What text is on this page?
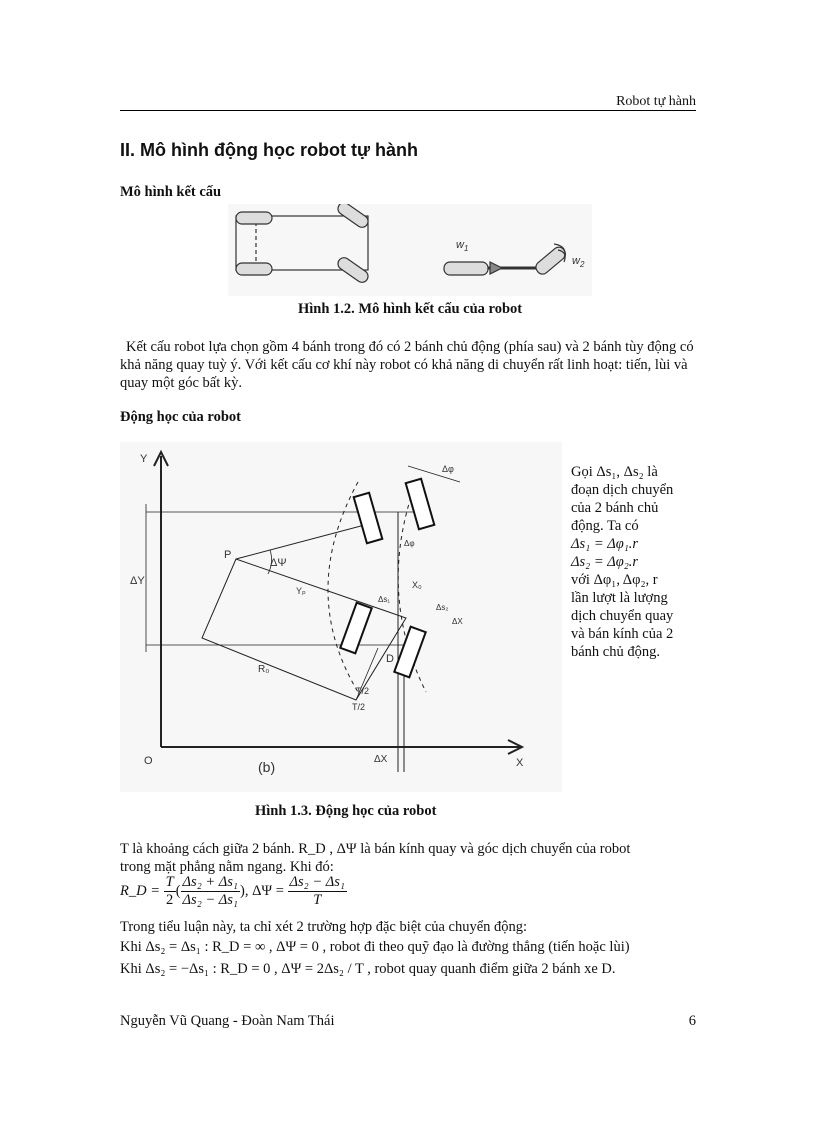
Robot tự hành
II. Mô hình động học robot tự hành
Mô hình kết cấu
$w_1$
$w_2$
Hình 1.2. Mô hình kết cấu của robot
Kết cấu robot lựa chọn gồm 4 bánh trong đó có 2 bánh chủ động (phía sau) và 2 bánh tùy động có khả năng quay tuỳ ý. Với kết cấu cơ khí này robot có khả năng di chuyển rất linh hoạt: tiến, lùi và quay một góc bất kỳ.
Động học của robot
Y
X
O	(b)
P
D
ΔΨ
ΔY
ΔX
Yₚ
X₀
R₀
T/2
T/2
Δφ
Δφ
Δs₁
Δs₂
ΔX
Gọi Δs₁, Δs₂ là
đoạn dịch chuyển
của 2 bánh chủ
động. Ta có
Δs₁ = Δφ₁.r
Δs₂ = Δφ₂.r
với Δφ₁, Δφ₂, r
lần lượt là lượng
dịch chuyển quay
và bán kính của 2
bánh chủ động.
Hình 1.3. Động học của robot
T là khoảng cách giữa 2 bánh. R_D , ΔΨ là bán kính quay và góc dịch chuyển của robot
trong mặt phẳng nằm ngang. Khi đó:
R_D = $\frac{T}{2}$ ( $\frac{\text{Δs₂ + Δs₁}}{\text{Δs₂ − Δs₁}}$ ), $\Delta\Psi = \frac{\text{Δs₂ − Δs₁}}{T}$
Trong tiểu luận này, ta chỉ xét 2 trường hợp đặc biệt của chuyển động:
Khi Δs₂ = Δs₁ : R_D = ∞ , ΔΨ = 0 , robot đi theo quỹ đạo là đường thẳng (tiến hoặc lùi)
Khi Δs₂ = −Δs₁ : R_D = 0 , ΔΨ = 2Δs₂ / T , robot quay quanh điểm giữa 2 bánh xe D.
Nguyễn Vũ Quang - Đoàn Nam Thái	6
